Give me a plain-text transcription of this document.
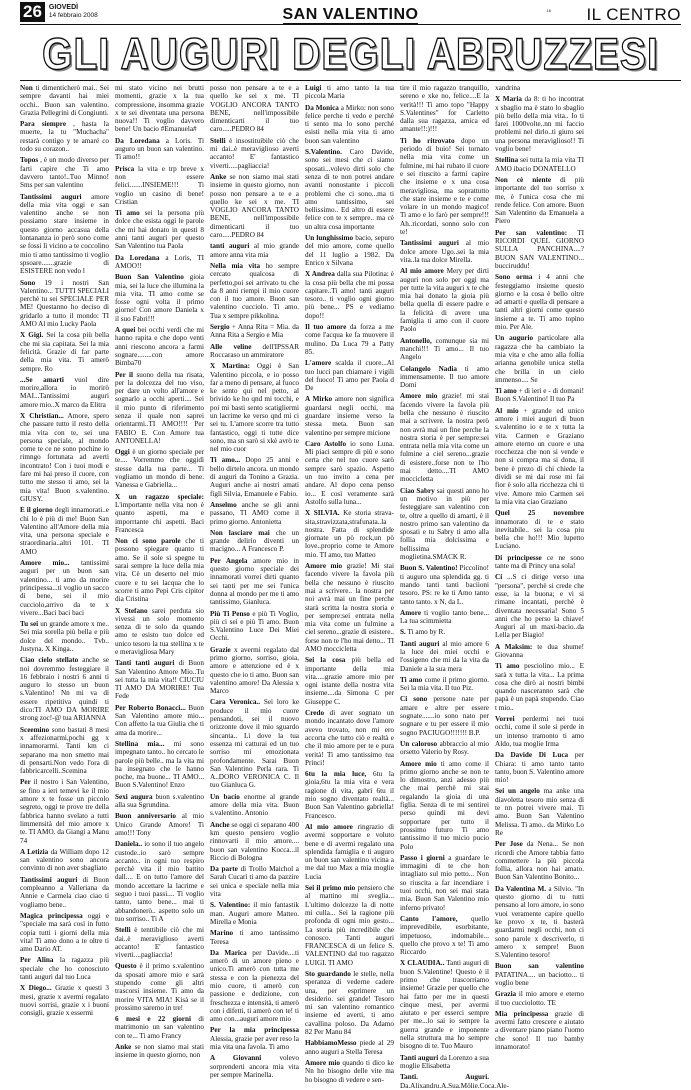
26	GIOVEDÌ
14 febbraio 2008	SAN VALENTINO	16 IL CENTRO
GLI AUGURI DEGLI ABRUZZESI

Non ti dimenticherò mai.. Sei sempre davanti hai miei occhi.. Buon san valentino. Grazia Pellegrini di Congiunti.

Para siempre , hasta la muerte, la tu "Muchacha" restarà contigo y te amaré co todo su corazon..

Topos , è un modo diverso per farti capire che Ti amo davvero tanto!..Tuo Minno! Sms per san valentino

Tantissimi auguri amore della mia vita oggi e san valentino anche se non possiamo stare insieme in questo giorno accasua della lontananza io però sono come se fossi lì vicino a te coccolino mio ti amo tantissimo ti voglio spsoare.......grazie di ESISTERE non vedo l

Sono 19 i nostri San Valentino... TUTTI SPECIALI perchè tu sei SPECIALE PER ME! Questanno ho deciso di gridarlo a tutto il mondo: TI AMO Al mio Lucky Paola

X Gigi. Sei la cosa più bella che mi sia capitata. Sei la mia felicità. Grazie di far parte della mia vita. Ti amerò sempre. Ro

...Se amarti vuol dire morire,allora io morirò MAI...Tantissimi auguri amore mio..X marco da Elitra

X Christian... Amore, spero che passare tutto il resto della mia vita con te, sei una persona speciale, al mondo come te ce ne sono pochine io rimngo fortunata ad averti incontrato! Con i tuoi modi e fare mi hai preso il cuore, con tutto me stesso ti amo, sei la mia vita! Buon s.valentino. GIUSY.

E il giorno degli innamorati..e chi lo è più di me! Buon San Valentino all'Amore della mia vita, una persona speciale e straordinaria..altri 101. TI AMO

Amore mio... tantissimi auguri per un buon san valentino... ti amo da morire principessa...ti voglio un sacco di bene, sei il mio cucciolo,arrivo da te x vivere...Baci baci baci

Tu sei un grande amore x me.. Sei mia sorella più bella e più dolce del mondo.. Tvb.. Justyna. X Kinga..

Ciao cielo stellato anche se noi dovremmo festeggiare il 16 febbraio i nostri 6 anni ti auguro lo stesso un buon s.Valentino! Nn mi va di essere ripetitiva quindi ti dico:TI AMO DA MORIRE strong zoc!-@ tua ARIANNA

Sceemino sono bastati 8 mesi x affezionarmi,pochi gg x innamorarmi. Tanti km ci separano ma non smetto mai di pensarti.Non vedo l'ora di fabbricarcelli..Scemina

Per il nostro i San Valentino, se fino a ieri temevi ke il mio amore x te fosse un piccolo segreto, oggi te prove tre della fabbrica hanno svelato a tutti limmensità del mio amore x te. TI AMO. da Giangi a Manu 74

A Letizia da William dopo 12 san valentino sono ancora convinto di non aver sbagliato

Tantissimi auguri di Buon compleanno a Valleriana da Annie e Carmela ciao ciao ti vogliamo bene..

Magica principessa oggi e "speciale ma sarà così in futto copia tutti i giorni della mia vita! Ti amo dono a te oltre ti amo Dario AT.

Per Alina la ragazza più speciale che ho conosciuto tanti auguri dal tuo Luca

X Diego... Grazie x questi 3 mesi, grazie x avermi regalato nuovi sorrisi, grazie x i buoni consigli, grazie x essermi

mi stato vicino nei brutti momenti, grazie x la tua compressione, insomma grazie x te sei diventata una persona nuova!! Ti voglio davvero bene! Un bacio #Emanuela#

Da Loredana a Loris. Ti auguro un buon san valentino. Ti amo!!

Prisca la vita e trp breve x non essere felici.......INSIEME!!! Ti voglio un casino di bene! Cristian

Ti amo sei la persona più dolce che esista oggi le parole che mi hai donato in questi 8 anni tanti auguri per questo San Valentino tua Paola

Da Loredana a Loris, TI AMOO!!

Buon San Valentino gioia mia, sei la luce che illumina la mia vita. TI amo come se fosse ogni volta il primo giorno! Con amore Daniela x il suo Fabri!!!

A quei bei occhi verdi che mi hanno rapita e che dopo venti anni riescono ancora a farmi sognare........con amore Bimba70

Per il suono della tua risata, per la dolcezza del tuo viso, per dare un volto all'amore e sognarlo a occhi aperti.... Sei il mio punto di riferimento senza il quale non saprei orientarmi..TI AMO!!!! Per FABIO E. Con Amore tua ANTONELLA!

Oggi è un giorno speciale per te.... Vorremmo che oggidì stesse dalla tua parte... Ti vogliamo un mondo di bene. Vanessa e Gabriella...

X un ragazzo speciale: L'importante nella vita non è quanto aspetti, ma e imporrtante chi aspetti. Baci Francesca

Non ci sono parole che ti possono spiegare quanto ti amo. Se il sole si spegne tu sarai sempre la luce della mia vita. Cè un deserto nel mio cuore e tu sei lacqua che lo scorre ti amo Pepi Cris cipitor dia Cristina

X Stefano sarei perduta sio vivessi un solo momento senza di te solo da quando amo te esisto tuo dolce ed unico tesoro la tua stellina x te e meravigliosa Mary

Tanti tanti auguri di Buon San Valentino Amore Mio..Tu sei tutta la mia vita!! CIUCIU TI AMO DA MORIRE! Tua Fede

Per Roberto Bonacci... Buon San Valentino amore mio... Con affetto la tua Giulia che ti ama da morire...

Stellina mia... mi sono impegnato tanto.. ho cercato le parole più belle.. ma la vita mi ha insegnato che le hanno poche, ma buone... TI AMO... Buon S.Valentino! Enzo

Sexi augura buon s.valentino alla sua Sgrundina.

Buon anniversario al mio Unico Grande Amore! Ti amo!!! Tony

Daniela.. io sono il tuo angelo custode..io sarò sempre accanto.. in ogni tuo respiro perchè vita il mio battito dall.... E on tutto l'amore del mondo accettare la lacrime e seguo i tuoi passi.... Ti voglio tanto, tanto bene... mai ti abbandonerò.. aspetto solo un tuo sorriso.. Ti A

Stelli è tenttibile ciò che mi dai..è meraviglioso averti accanto! E' fantastico viverti....pagliaccia!

Questo è il primo s.valentino da sposati amore mio e sarà stupendo come gli altri trascorsi insieme. Ti amo da morire VITA MIA! Kisà se il prossimo saremo in tre!

6 mesi e 22 giorni di matrimonio un san valentino con te... Ti amo Francy

Anke se non siamo mai stati insieme in questo giorno, non

posso non pensare a te e a quello ke sei x me. TI VOGLIO ANCORA TANTO BENE, nell'impossibile dimenticarti il tuo caro.....PEDRO 84

Stelli è insostituibile ciò che mi dai..è meraviglioso averti accanto! E' fantastico viverti.....pagliaccia!

Anke se non siamo mai stati insieme in questo giorno, non posso non pensare a te e a quello ke sei x me. TI VOGLIO ANCORA TANTO BENE, nell'impossibile dimenticarti il tuo caro.....PEDRO 84

tanti auguri al mio grande amore anna vita mia

Nella mia vita ho sempre cercato qualcosa di perfetto,poi sei arrivato tu che da 8 anni riempi il mio cuore con il tuo amore. Buon san valentino cucciolo. Ti amo. Tua x sempre pikkolina.

Sergio + Anna Rita = Mia. da Anna Rita a Sergio e Mia

Alle veline dell'IPSSAR Roccaraso un ammiratore

X Martina: Oggi è San Valentino piccola, e io posso far a meno di pensare, al fuoco ke sento qui nel petto, al brivido ke ho qnd mi tocchi, e poi mi basti sento scatigliermi un lacrime ke verso qnd mi ci sei tu. L'amore scorre tra tutto fantastico, oggi ti tutte dice sono, ma sn sarò si xkè avrò te nel mio cuor

Ti amo... Dopo 25 anni e bello dirtelo ancora. un mondo di auguri da Tonino a Grazia. Auguri anche ai nostri amati figli Silvia, Emanuele e Fabio.

Anselmo anche se gli anni passano, TI AMO come il primo giorno. Antonietta

Non lasciare mai che un grande delirio diventi un macigno... A Francesco P.

Per Angela amore mio in questo giorno speciale dei innamorati vorrei dirti quanto sei tanti per me sei l'unica donna al mondo per me ti amo tantissimo, Gianluca.

Più Ti Penso e più Ti Voglio, più ci sei e più Ti amo. Buon S.Valentino Luce Dei Miei Occhi.

Grazie x avermi regalato dal primo giorno, sorriso, gioia, amore e attenzione ed è x questo che io ti amo. Buon san valentino amore! Da Alessia x Marco

Cara Veronica.. Sei loro ke produce il mio cuore pensandoti, sei il nuovo orizzonte dove il mio sguardo sincanta.. Lì dove la tua essenza mi catturai ed un tuo sorriso mi emozionata profondamente. Sarai Buon San Valentino Perla rara. Ti A..DORO VERONICA C. Il tuo Gianluca G.

Un bacio enorme al grande amore della mia vita. Buon s.valentino. Antonio

Anche se oggi ci separano 400 km questo pensiero voglio rinnovarti il mio amore.... buon san valentino Kocca...il Riccio di Bologna

Da parte di Trollo Maichol a Sarah Cucarì ti amo da pazzire sei unica e speciale nella mia vita

S. Valentino: il mio fantastik man. Auguri amore Matteo. Mirella e Monia

Marino ti amo tantissimo Teresa

Da Marica per Davide....ti amerò di un amore pieno e unico.Ti amerò con tutta me stessa e con la pienezza del mio cuore, ti amerò con passione e dedizione, con freschezza e intensità, ti amerò con i difetti, ti amerò con te! ti amo con...auguri amore mio

Per la mia principessa Alessia, grazie per aver reso la mia vita una favola. Ti amo

A Giovanni volevo sorprenderti ancora mia vita per sempre Marinella.

Luigi ti amo tanto la tua piccola Maria

Da Monica a Mirko: non sono felice perche ti vedo e perchè ti sento ma lo sono perché esisti nella mia vita ti amo buon san valentino

S.Valentino. Caro Davide, sono sei mesi che ci siamo sposati...volevo dirti solo che senza di te non potrei andare avanti nonostante i piccoli problemi che ci sono...ma ti amo tantissimo, sei bellissimo.. Ed altro di essere felice con te x sempre.. ma cè un altra cosa importante

Un lunghissimo bacio, sepuro del mio amore, come quello del 11 luglio a 1982. Da Enrico x Silvana

X Andrea dalla sua Pilotina: è la cosa più bella che mi possa capitare..Ti amo! tanti auguri tesoro.. ti voglio ogni giorno più bene... PS e vediamo dopo!!

Il tuo amore da forza a me come l'acqua ke fa muovere il mulino. Da Luca 79 a Patty 85.

L'amore scalda il cuore...Al tuo lucci pan chiamare i vigili del fuoco! Ti amo per Paola d De

A Mirko amore non significa guardarsi negli occhi, ma guardare insieme verso la stessa meta. Buon san valentino per sempre micione

Caro Astolfo io sono Luna. Mi piaci sempre di più e sono certa che nel tuo cuore sarò sempre sarò spazio. Aspetto un tuo invito a cena per andare. Al dopo cena penso io... E così veramente sarà Astolfo sulla luna...

X SILVIA. Ke storia strava-sita,stravizzata,strafunata..la nostra. Fatta di splendide giornate un pò rock,un pò love..proprio come te Amore mio. TI amo, tuo Matteo

Amore mio grazie! Mi stai facendo vivere la favola più bella che nessuno è riuscito mai a scrivere.. la nostra per noi avrà mai un fine perche starà scritta la nostra storia e per sempre:sei entrata nella mia vita come un fulmine a ciel sereno...grazie di esistere.. forse non te l'ho mai detto... TI AMO moccicletta

Sei la cosa più bella ed importante della mia vita.....grazie amore mio per ogni istante della nostra vita insieme....da Simona C per Giuseppe C.

Credo di aver sognato un mondo incantato dove l'amore avevo trovato, non mi ero accorta che tutto ciò e realtà e che il mio amore per te e pura verità! Ti amo tantissimo tua Princi!

6tu la mia luce, 6tu la gioia,6tu la mia vita e vera ragione di vita, gabri 6tu il mio sogno diventato realtà... Buon San Valentino gabriella! Francesco.

Al mio amore ringrazio di avermi sopportare e voluto bene e di avermi regalato una splendida famiglia e ti auguro un buon san valentino vicina a me dal tuo Max a mia moglie Lucia

Sei il primo mio pensiero che al mattino mi sveglia... L'ultimo dolcezze la di notte mi culla... Sei la ragione più profonda di ogni mio gesto... La storia più incredibile che conosco. Tanti auguri FRANCESCA di un felice S. VALENTINO dal tuo ragazzo LUIGI. TI AMO

Sto guardando le stelle, nella speranza di vederne cadere una, per esprimere un desiderio. sei grande! Tesoro mi san valentino romantico insieme ed averti, ti amo cavallina poloso. Da Adamo 82 Per Manu 84

HabbiamoMesso piede al 29 anno auguri a Stella Teresa

Amore mio quando ti dico ke Nn ho bisogno delle vite ma ho bisogno di vedere e sen-

tire il mio ragazzo tranquillo, sereno e xke no, felice....E la verità!!! Ti amo topo "Happy S.Valentines" for Carletto dalla sua ragazza, amica ed amante!!:)!!!

Ti ho ritrovato dopo un periodo di buio! Sei tornato nella mia vita come un fulmine, mi hai rubato il cuore e sei riuscito a farmi capire che insieme e x una cosa meravigliosa, ma soprattutto che stare insieme e te e come volare in un mondo magico! Ti amo e lo farò per sempre!!! Ah..ricordati, sonno solo con te!

Tantissimi auguri al mio dolce amore Ugo..sei la mia vita..la tua dolce Mirella.

Al mio amore Mery per dirti auguri non solo per oggi ma per tutte la vita auguri x te che mia hai donato la gioia più bella quella di essere padre e la felicità di avere una famiglia ti amo con il cuore Paolo

Antonello, comunque sia mi manchi!!! Ti amo... Il tuo Angelo

Colangelo Nadia ti amo immensamente. Il tuo amore Domi

Amore mio grazie! mi stai facendo vivere la favola più bella che nessuno è riuscito mai a scrivere. la nostra però non avrà mai un fine perche la nostra storia è per sempre:sei entrata nella mia vita come un fulmine a ciel sereno...grazie di esistere..forse non te l'ho mai detto....TI AMO moccicletta

Ciao Sabry sai questi anno ho un motivo in più per festeggiare san valentino con te, oltre a quello di amarti, è il nostro primo san valentino da sposati e tu Sabry ti amo alla follia mia dolcissima e bellissima moglietina.SMACK R.

Buon S. Valentino! Piccolino! ti auguro una splendida gg. ti mando tanti tanti baciioni tesoro. PS: re ke ti Amo tanto tanto tanto. x N, da L.

Amore ti voglio tanto bene... La tua scimmietta

S. Ti amo by R.

Tanti auguri al mio amore 6 la luce dei miei occhi e l'ossigeno che mi da la vita da Daniele a la sua mera

Ti amo come il primo giorno. Sei la mia vita. Il tuo Piz.

Ci sono persone nate per amare e altre per essere sognate.......io sono nato per sognare e tu per essere il mio sogno PACIUGO!!!!!!! B.P.

Un caloroso abbraccio al mio orsetto Valerio by Rosy.

Amore mio ti amo come il primo giorno anche se non te lo dimostro, anzi adesso più che mai perchè mi stai regalando la gioia di una figlia. Senza di te mi sentirei perso quindi mi devi sopportare per tutto il prossimo futuro Ti amo tantissimo il tuo micio pucio Polo

Passo i giorni a guardare le immagini di te che hon intagliato sul mio petto... Non so riuscita a far incendiare i tuoi occhi, non sei mai stata mia. Buon San Valentino mio inferno privato!

Canto l'amore, quello imprevedibile, esorbitante, impetuoso, indomabile... quello che provo x te! Ti amo Riccardo

X CLAUDIA.. Tanti auguri di buon S.Valentine! Questo è il primo che trascorriamo insieme! Grazie per quello che hai fatto per me in questi cinque mesi, per avermi aiutato e per esserci sempre per me...lo sai io sempre la guerra grande e imponente nella struttura ma ho sempre bisogno di te. Tuo Mauro

Tanti auguri da Lorenzo a sua moglie Elisabetta

Tanti. Auguri. Da.Alixandru.A.Sua.Mölie.Coca.Ale-

xandrina

X Maria da 8: ti ho incontrat x sbaglio ma è stato lo sbaglio più bello della mia vita.. Io ti farei 1000volte..nn mi faccio problemi nel dirlo..ti giuro sei una persona meraviglioso!! Ti voglio bene!

Stellina sei tutta la mia vita TI AMO ibacio DONATELLO

Non cè niente di più importante del tuo sorriso x me, è l'unica cosa che mi rende felice. Con amore. Buon San Valentino da Emanuela a Piero

Per san valentino: TI RICORDI QUEL GIORNO SULLA PANCHINA....?BUON SAN VALENTINO... bucciruddu!

Sono orma i 4 anni che festeggiamo insieme questo giorno e la cosa è bello oltre ad amarti e quella di pensare a tanti altri giorni come questo insieme a te. Ti amo topino mio. Per Ale.

Un augurio particolare alla ragazza che ha cambiato la mia vita e che amo alla follia arianna genobile unica stella che brilla in un cielo immenso.... Se

Ti amo + di ieri e - di domani! Buon S.Valentino! Il tuo Pa

Al mio + grande ed unico amore i miei auguri di buon s.valentino io e te x tutta la vita. Carmen e Graziano amore eterno un cuore e una rocchezza che non si vende e non si compra ma si dona, il bene è prezo di chi chiede la dividi se mi dai rose mi fai fior è solo alla ricchezza chi ti vive. Amore mio Carmen sei la mia vita ciao Graziano

Quel 25 novembre innamorato di te e stato inevitabile.. sei la cosa piu bella che ho!!! Mio lupetto Luciano.

Di principesse ce ne sono tante ma di Princy una sola!

Ci ...S ci dirige verso una "persona", perchè si crede che esse, ia la buona; e vi si rimane incantati, perchè è diventata necessaria! Sono 5 anni che ho perso la chiave! Auguri al un maxi-bacio..da Lella per Biagio!

A Maksim: te dua shume! Giovanna

Ti amo pesciolino mio... E sarà x tutta la vita... La prima cosa che dirò ai nostri bimbi quando nasceranno sarà che papà è un papà stupendo. Ciao t mio..

Vorrei perdermi nei tuoi occhi, come il sole si perde in un intenso tramonto ti amo Aldo, tua moglie Irma

Da Davide Di Luca per Chiara: ti amo tanto tanto tanto, buon S. Valentino amore mio!

Sei un angelo ma anke una diavoletta tesoro mio senza di te nn potrei vivere mai. Ti amo. Buon San Valentino Melissa. Ti amo.. da Mirko Lo Re

Per Jose da Nena... Se non ricordi che Amore tabbia fatto commettere la più piccola follia, allora non hai amato. Buon San Valentino Bonito...

Da Valentina M. a Silvio. "In questo giorno di tu tutti pensano al loro amore, io sono vuoi veramente capire quello ke provo x te, ti basterà guardarmi negli occhi, non ci sono parole x descriverlo, ti amero x sempre! Buon S.Valentino tesoro!

Buon san valentino PATATINA.... un baciotto... ti voglio bene

Grazia il mio amore e eterno il tuo cucciolotto. TE

Mia principessa grazie di avermi fatto crescere e aiutato a diventare piano piano l'uomo che sono! Il tuo bamby innamorato!
